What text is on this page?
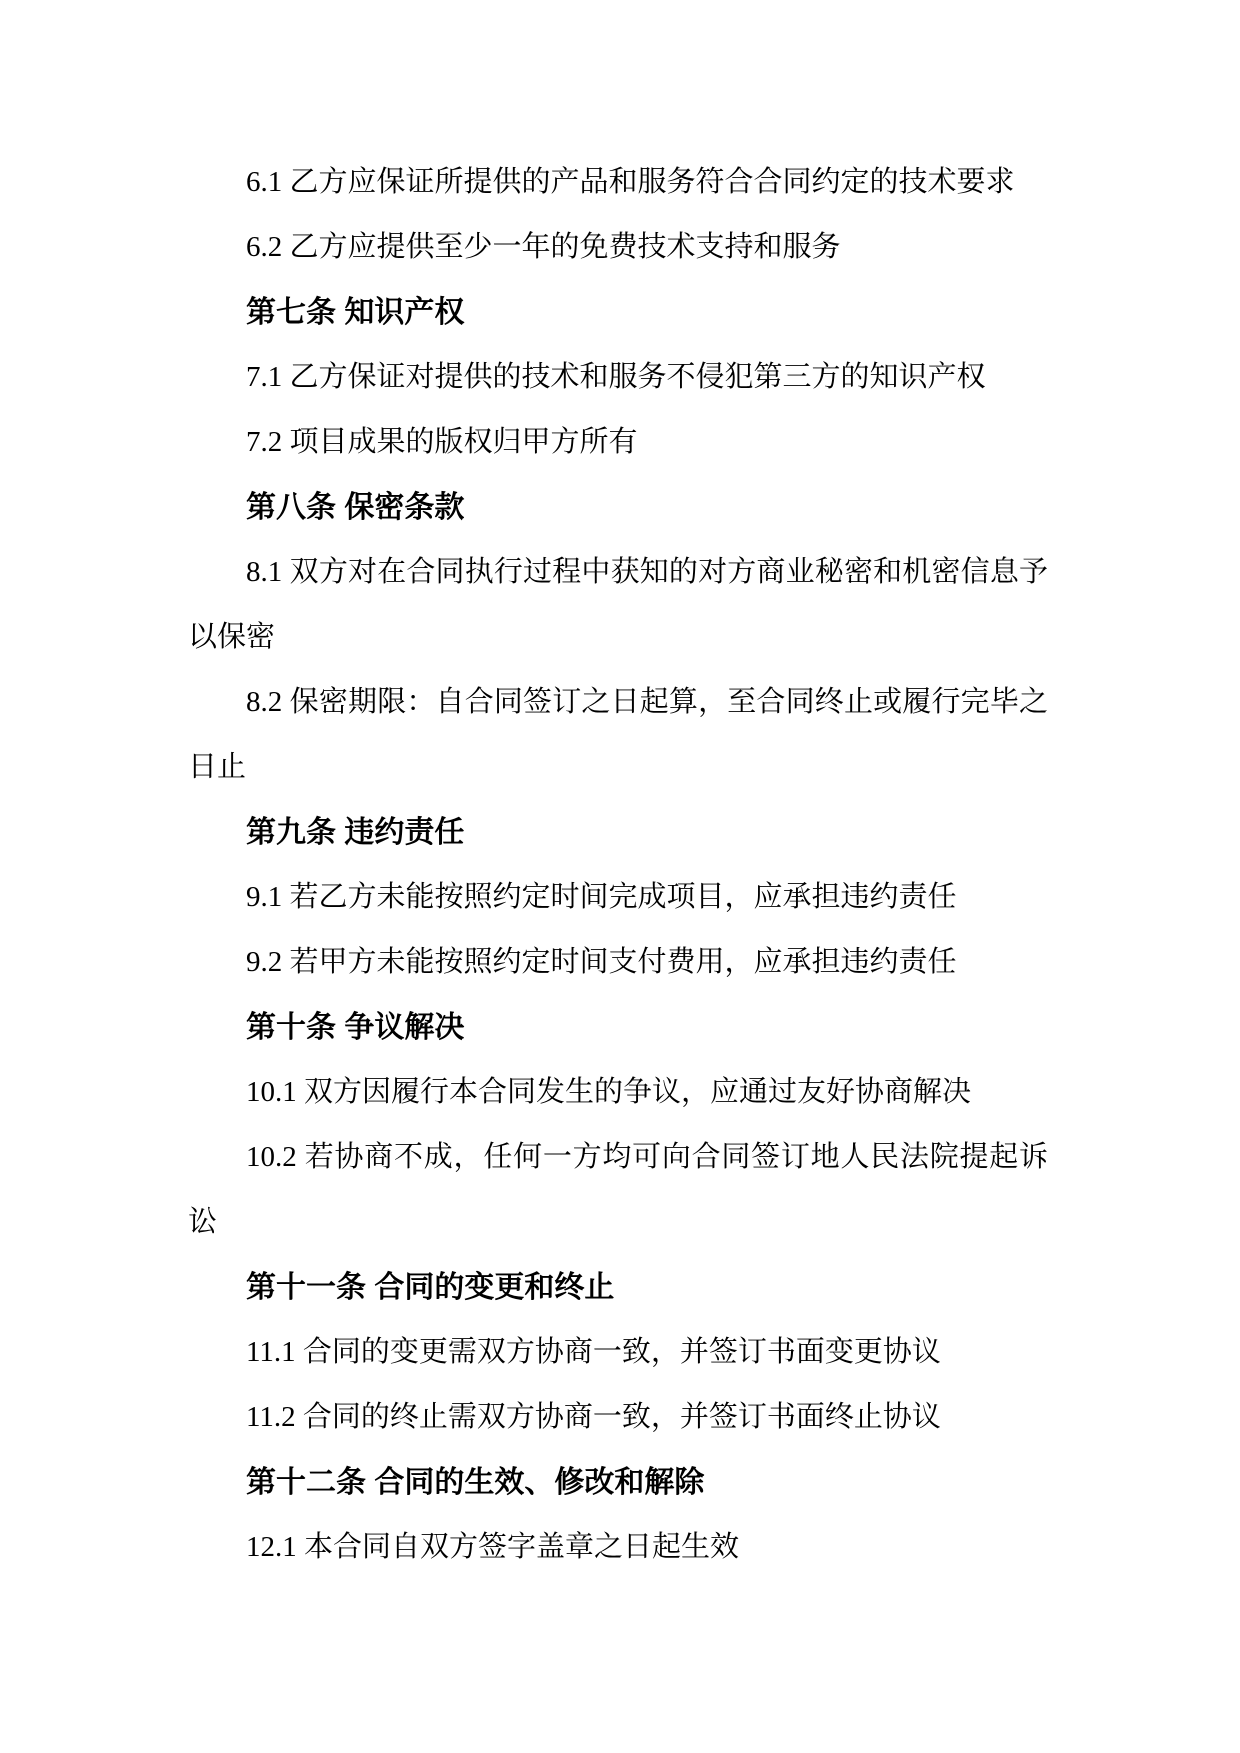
6.1 乙方应保证所提供的产品和服务符合合同约定的技术要求

6.2 乙方应提供至少一年的免费技术支持和服务

第七条 知识产权

7.1 乙方保证对提供的技术和服务不侵犯第三方的知识产权

7.2 项目成果的版权归甲方所有

第八条 保密条款

8.1 双方对在合同执行过程中获知的对方商业秘密和机密信息予以保密

8.2 保密期限：自合同签订之日起算，至合同终止或履行完毕之日止

第九条 违约责任

9.1 若乙方未能按照约定时间完成项目，应承担违约责任

9.2 若甲方未能按照约定时间支付费用，应承担违约责任

第十条 争议解决

10.1 双方因履行本合同发生的争议，应通过友好协商解决

10.2 若协商不成，任何一方均可向合同签订地人民法院提起诉讼

第十一条 合同的变更和终止

11.1 合同的变更需双方协商一致，并签订书面变更协议

11.2 合同的终止需双方协商一致，并签订书面终止协议

第十二条 合同的生效、修改和解除

12.1 本合同自双方签字盖章之日起生效
